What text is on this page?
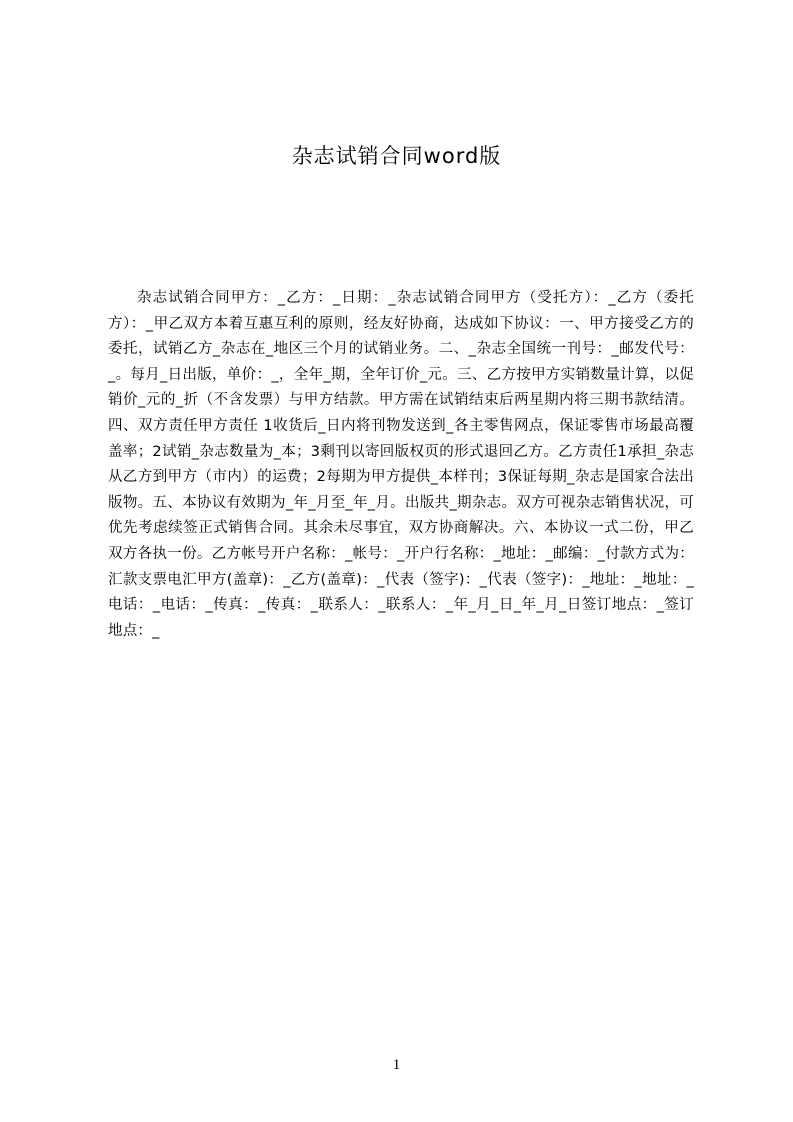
杂志试销合同word版

杂志试销合同甲方：_乙方：_日期：_杂志试销合同甲方（受托方）：_乙方（委托方）：_甲乙双方本着互惠互利的原则，经友好协商，达成如下协议：一、甲方接受乙方的委托，试销乙方_杂志在_地区三个月的试销业务。二、_杂志全国统一刊号：_邮发代号：_。每月_日出版，单价：_，全年_期，全年订价_元。三、乙方按甲方实销数量计算，以促销价_元的_折（不含发票）与甲方结款。甲方需在试销结束后两星期内将三期书款结清。四、双方责任甲方责任 1收货后_日内将刊物发送到_各主零售网点，保证零售市场最高覆盖率；2试销_杂志数量为_本；3剩刊以寄回版权页的形式退回乙方。乙方责任1承担_杂志从乙方到甲方（市内）的运费；2每期为甲方提供_本样刊；3保证每期_杂志是国家合法出版物。五、本协议有效期为_年_月至_年_月。出版共_期杂志。双方可视杂志销售状况，可优先考虑续签正式销售合同。其余未尽事宜，双方协商解决。六、本协议一式二份，甲乙双方各执一份。乙方帐号开户名称：_帐号：_开户行名称：_地址：_邮编：_付款方式为：汇款支票电汇甲方(盖章)：_乙方(盖章)：_代表（签字)：_代表（签字)：_地址：_地址：_电话：_电话：_传真：_传真：_联系人：_联系人：_年_月_日_年_月_日签订地点：_签订地点：_

1
